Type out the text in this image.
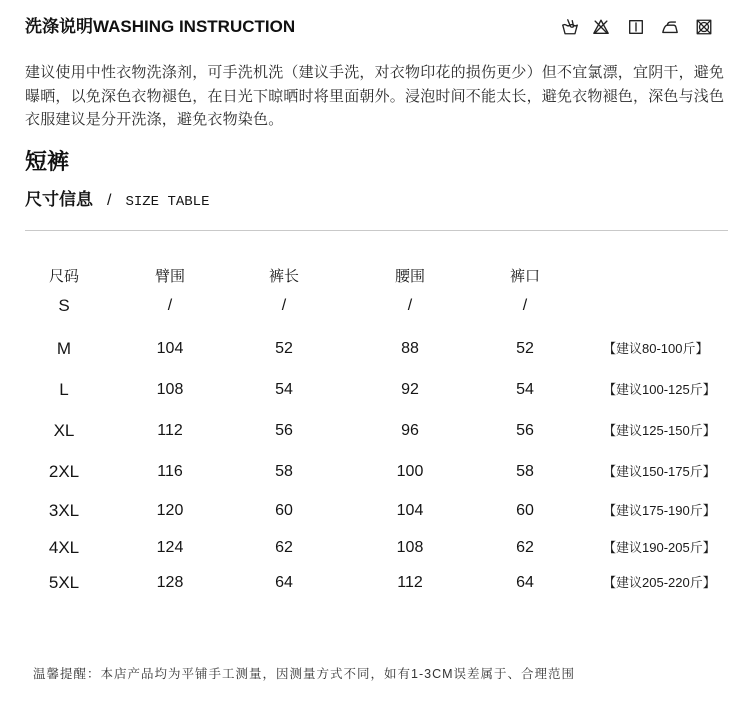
洗涤说明WASHING INSTRUCTION
建议使用中性衣物洗涤剂，可手洗机洗（建议手洗，对衣物印花的损伤更少）但不宜氯漂，宜阴干，避免
曝晒，以免深色衣物褪色，在日光下晾晒时将里面朝外。浸泡时间不能太长，避免衣物褪色，深色与浅色
衣服建议是分开洗涤，避免衣物染色。
短裤
尺寸信息 / SIZE TABLE
尺码	臂围	裤长	腰围	裤口
S	/	/	/	/
M	104	52	88	52	【建议80-100斤】
L	108	54	92	54	【建议100-125斤】
XL	112	56	96	56	【建议125-150斤】
2XL	116	58	100	58	【建议150-175斤】
3XL	120	60	104	60	【建议175-190斤】
4XL	124	62	108	62	【建议190-205斤】
5XL	128	64	112	64	【建议205-220斤】
温馨提醒：本店产品均为平铺手工测量，因测量方式不同，如有1-3CM误差属于、合理范围
